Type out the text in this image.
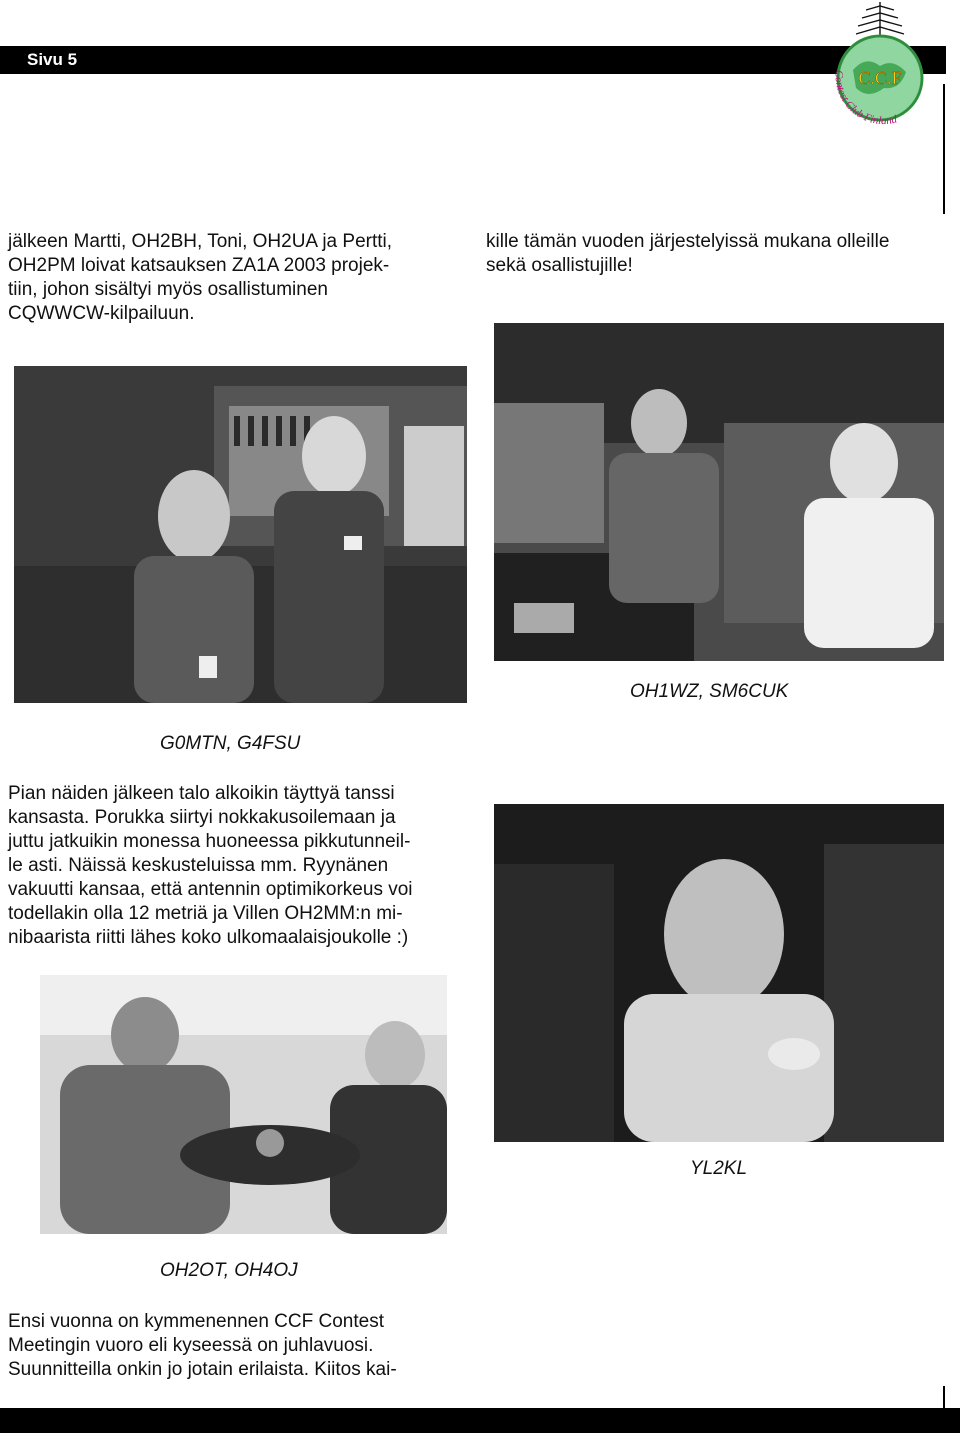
Sivu 5
C.C.F
Contest Club Finland
jälkeen Martti, OH2BH, Toni, OH2UA ja Pertti,
OH2PM loivat katsauksen ZA1A 2003 projek-
tiin, johon sisältyi myös osallistuminen
CQWWCW-kilpailuun.
kille tämän vuoden järjestelyissä mukana olleille
sekä osallistujille!
G0MTN, G4FSU
OH1WZ, SM6CUK
Pian näiden jälkeen talo alkoikin täyttyä tanssi
kansasta. Porukka siirtyi nokkakusoilemaan ja
juttu jatkuikin monessa huoneessa pikkutunneil-
le asti. Näissä keskusteluissa mm. Ryynänen
vakuutti kansaa, että antennin optimikorkeus voi
todellakin olla 12 metriä ja Villen OH2MM:n mi-
nibaarista riitti lähes koko ulkomaalaisjoukolle :)
YL2KL
OH2OT, OH4OJ
Ensi vuonna on kymmenennen CCF Contest
Meetingin vuoro eli kyseessä on juhlavuosi.
Suunnitteilla onkin jo jotain erilaista. Kiitos kai-
